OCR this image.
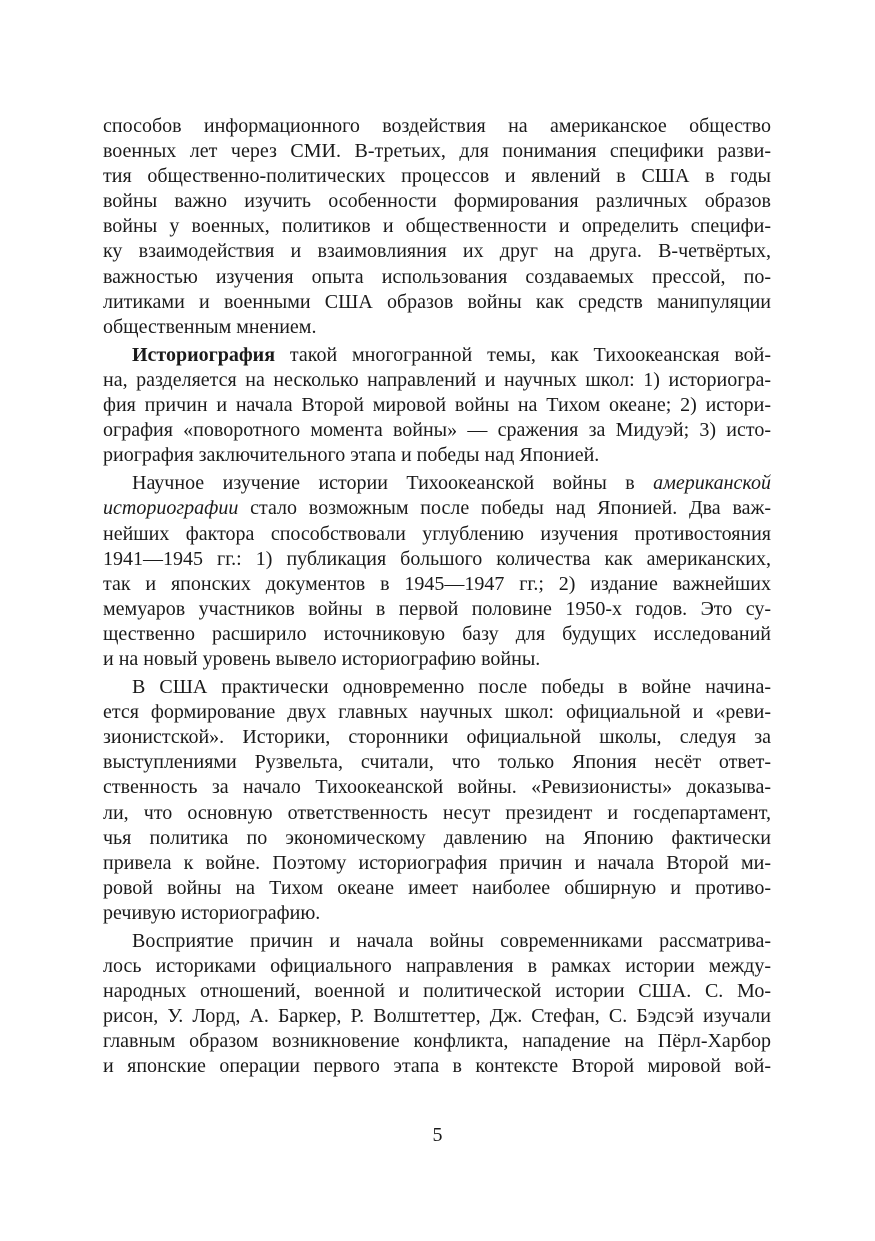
способов информационного воздействия на американское общество
военных лет через СМИ. В-третьих, для понимания специфики разви-
тия общественно-политических процессов и явлений в США в годы
войны важно изучить особенности формирования различных образов
войны у военных, политиков и общественности и определить специфи-
ку взаимодействия и взаимовлияния их друг на друга. В-четвёртых,
важностью изучения опыта использования создаваемых прессой, по-
литиками и военными США образов войны как средств манипуляции
общественным мнением.
Историография такой многогранной темы, как Тихоокеанская вой-
на, разделяется на несколько направлений и научных школ: 1) историогра-
фия причин и начала Второй мировой войны на Тихом океане; 2) истори-
ография «поворотного момента войны» — сражения за Мидуэй; 3) исто-
риография заключительного этапа и победы над Японией.
Научное изучение истории Тихоокеанской войны в американской
историографии стало возможным после победы над Японией. Два важ-
нейших фактора способствовали углублению изучения противостояния
1941—1945 гг.: 1) публикация большого количества как американских,
так и японских документов в 1945—1947 гг.; 2) издание важнейших
мемуаров участников войны в первой половине 1950-х годов. Это су-
щественно расширило источниковую базу для будущих исследований
и на новый уровень вывело историографию войны.
В США практически одновременно после победы в войне начина-
ется формирование двух главных научных школ: официальной и «реви-
зионистской». Историки, сторонники официальной школы, следуя за
выступлениями Рузвельта, считали, что только Япония несёт ответ-
ственность за начало Тихоокеанской войны. «Ревизионисты» доказыва-
ли, что основную ответственность несут президент и госдепартамент,
чья политика по экономическому давлению на Японию фактически
привела к войне. Поэтому историография причин и начала Второй ми-
ровой войны на Тихом океане имеет наиболее обширную и противо-
речивую историографию.
Восприятие причин и начала войны современниками рассматрива-
лось историками официального направления в рамках истории между-
народных отношений, военной и политической истории США. С. Мо-
рисон, У. Лорд, А. Баркер, Р. Волштеттер, Дж. Стефан, С. Бэдсэй изучали
главным образом возникновение конфликта, нападение на Пёрл-Харбор
и японские операции первого этапа в контексте Второй мировой вой-
5
